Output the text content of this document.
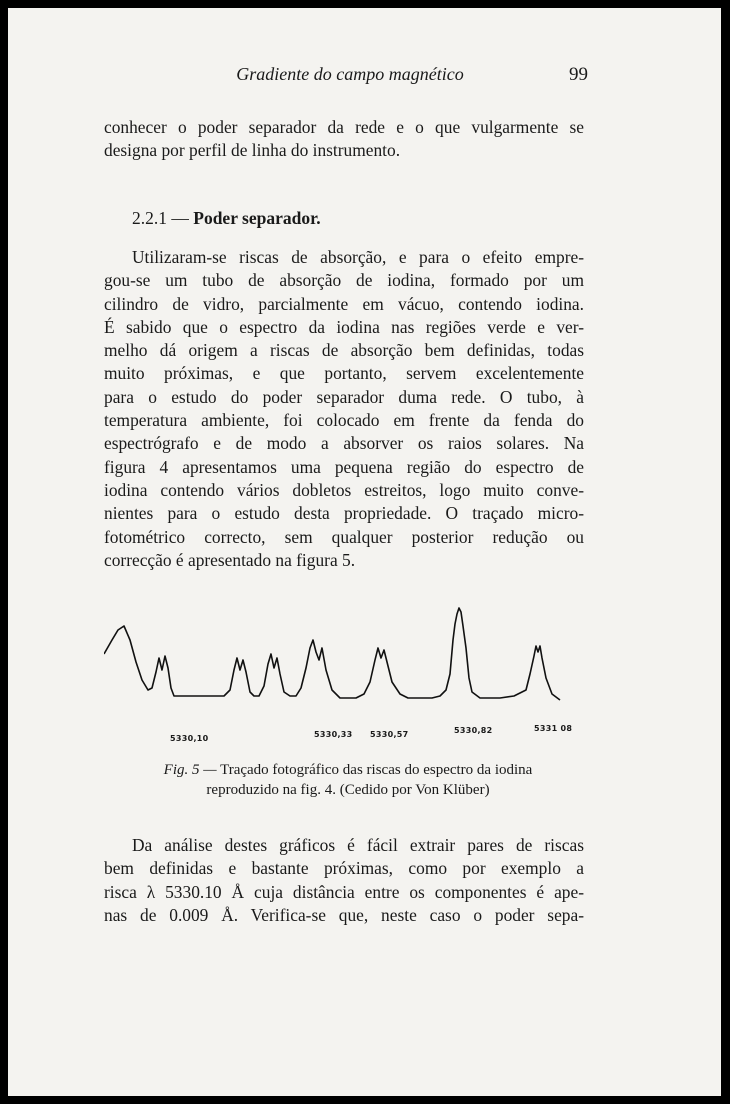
Gradiente do campo magnético	99
conhecer o poder separador da rede e o que vulgarmente se
designa por perfil de linha do instrumento.
2.2.1 — Poder separador.
Utilizaram-se riscas de absorção, e para o efeito empre-
gou-se um tubo de absorção de iodina, formado por um
cilindro de vidro, parcialmente em vácuo, contendo iodina.
É sabido que o espectro da iodina nas regiões verde e ver-
melho dá origem a riscas de absorção bem definidas, todas
muito próximas, e que portanto, servem excelentemente
para o estudo do poder separador duma rede. O tubo, à
temperatura ambiente, foi colocado em frente da fenda do
espectrógrafo e de modo a absorver os raios solares. Na
figura 4 apresentamos uma pequena região do espectro de
iodina contendo vários dobletos estreitos, logo muito conve-
nientes para o estudo desta propriedade. O traçado micro-
fotométrico correcto, sem qualquer posterior redução ou
correcção é apresentado na figura 5.
5330,10	5330,33 5330,57	5330,82	5331 08
Fig. 5 — Traçado fotográfico das riscas do espectro da iodina
reproduzido na fig. 4. (Cedido por Von Klüber)
Da análise destes gráficos é fácil extrair pares de riscas
bem definidas e bastante próximas, como por exemplo a
risca λ 5330.10 Å cuja distância entre os componentes é ape-
nas de 0.009 Å. Verifica-se que, neste caso o poder sepa-
